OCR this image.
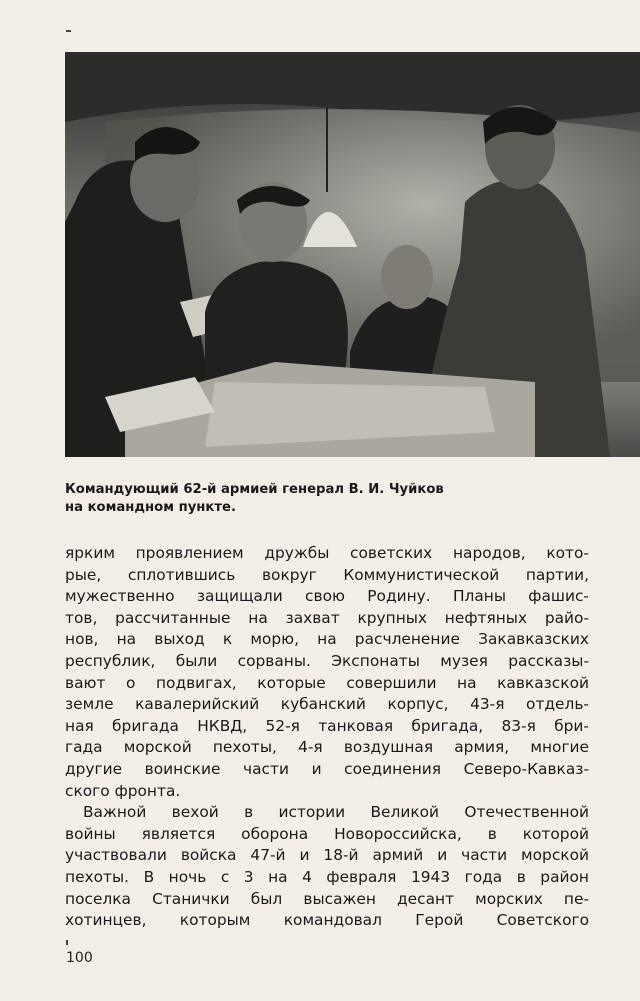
Командующий 62-й армией генерал В. И. Чуйков
на командном пункте.
ярким проявлением дружбы советских народов, кото-
рые, сплотившись вокруг Коммунистической партии,
мужественно защищали свою Родину. Планы фашис-
тов, рассчитанные на захват крупных нефтяных райо-
нов, на выход к морю, на расчленение Закавказских
республик, были сорваны. Экспонаты музея рассказы-
вают о подвигах, которые совершили на кавказской
земле кавалерийский кубанский корпус, 43-я отдель-
ная бригада НКВД, 52-я танковая бригада, 83-я бри-
гада морской пехоты, 4-я воздушная армия, многие
другие воинские части и соединения Северо-Кавказ-
ского фронта.
Важной вехой в истории Великой Отечественной
войны является оборона Новороссийска, в которой
участвовали войска 47-й и 18-й армий и части морской
пехоты. В ночь с 3 на 4 февраля 1943 года в район
поселка Станички был высажен десант морских пе-
хотинцев, которым командовал Герой Советского
100
